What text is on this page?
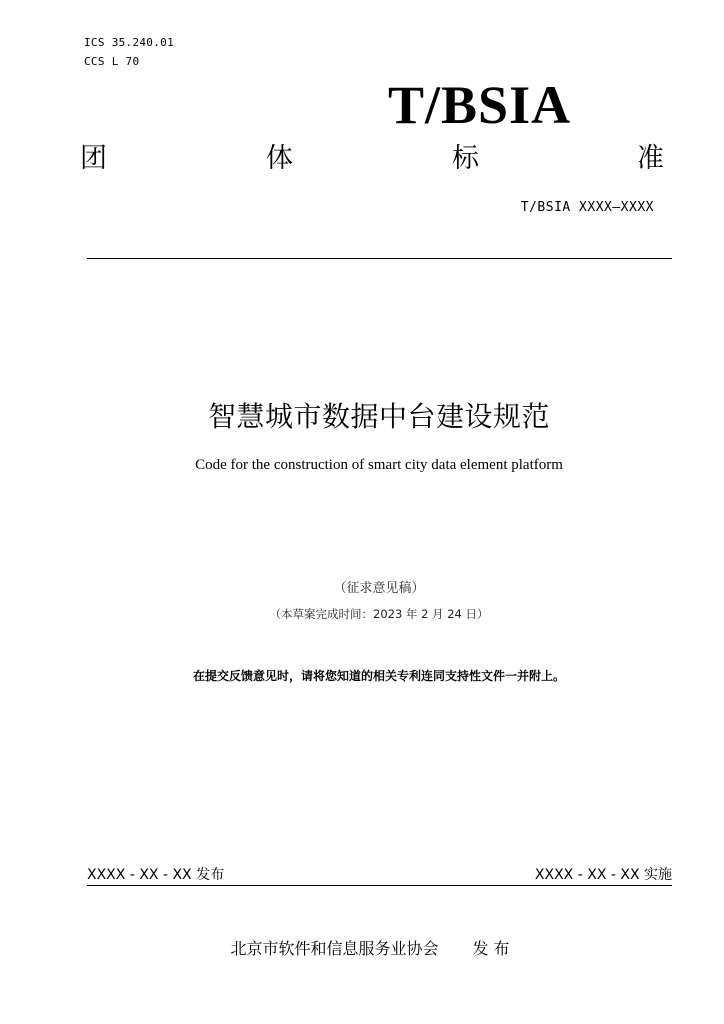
ICS 35.240.01
CCS L 70
T/BSIA
团	体	标	准
T/BSIA XXXX—XXXX
智慧城市数据中台建设规范
Code for the construction of smart city data element platform
（征求意见稿）
（本草案完成时间：2023 年 2 月 24 日）
在提交反馈意见时，请将您知道的相关专利连同支持性文件一并附上。
XXXX - XX - XX 发布	XXXX - XX - XX 实施
北京市软件和信息服务业协会 发 布
